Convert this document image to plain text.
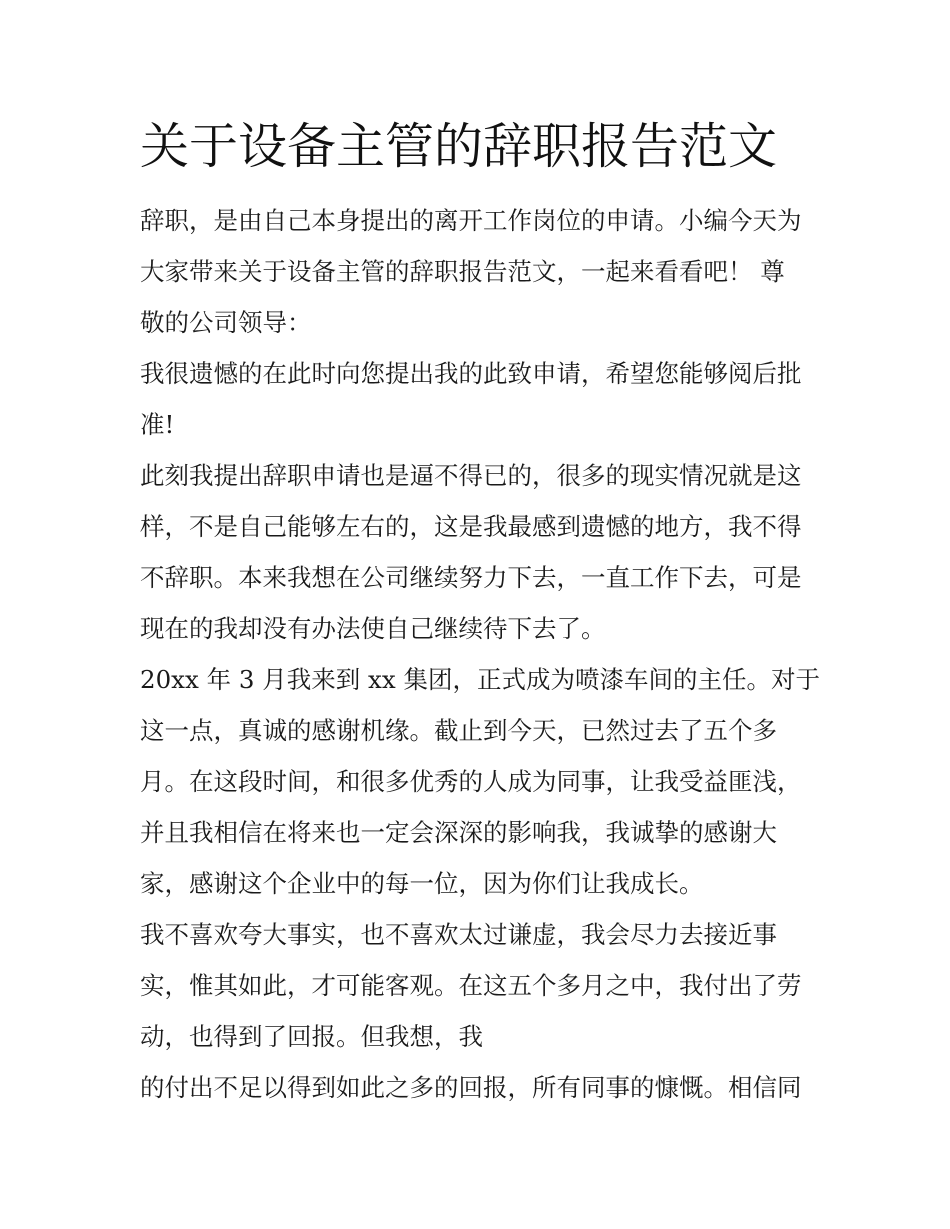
关于设备主管的辞职报告范文

辞职，是由自己本身提出的离开工作岗位的申请。小编今天为

大家带来关于设备主管的辞职报告范文，一起来看看吧！ 尊

敬的公司领导：

我很遗憾的在此时向您提出我的此致申请，希望您能够阅后批

准!

此刻我提出辞职申请也是逼不得已的，很多的现实情况就是这

样，不是自己能够左右的，这是我最感到遗憾的地方，我不得

不辞职。本来我想在公司继续努力下去，一直工作下去，可是

现在的我却没有办法使自己继续待下去了。

20xx 年 3 月我来到 xx 集团，正式成为喷漆车间的主任。对于

这一点，真诚的感谢机缘。截止到今天，已然过去了五个多

月。在这段时间，和很多优秀的人成为同事，让我受益匪浅，

并且我相信在将来也一定会深深的影响我，我诚挚的感谢大

家，感谢这个企业中的每一位，因为你们让我成长。

我不喜欢夸大事实，也不喜欢太过谦虚，我会尽力去接近事

实，惟其如此，才可能客观。在这五个多月之中，我付出了劳

动，也得到了回报。但我想，我

的付出不足以得到如此之多的回报，所有同事的慷慨。相信同
